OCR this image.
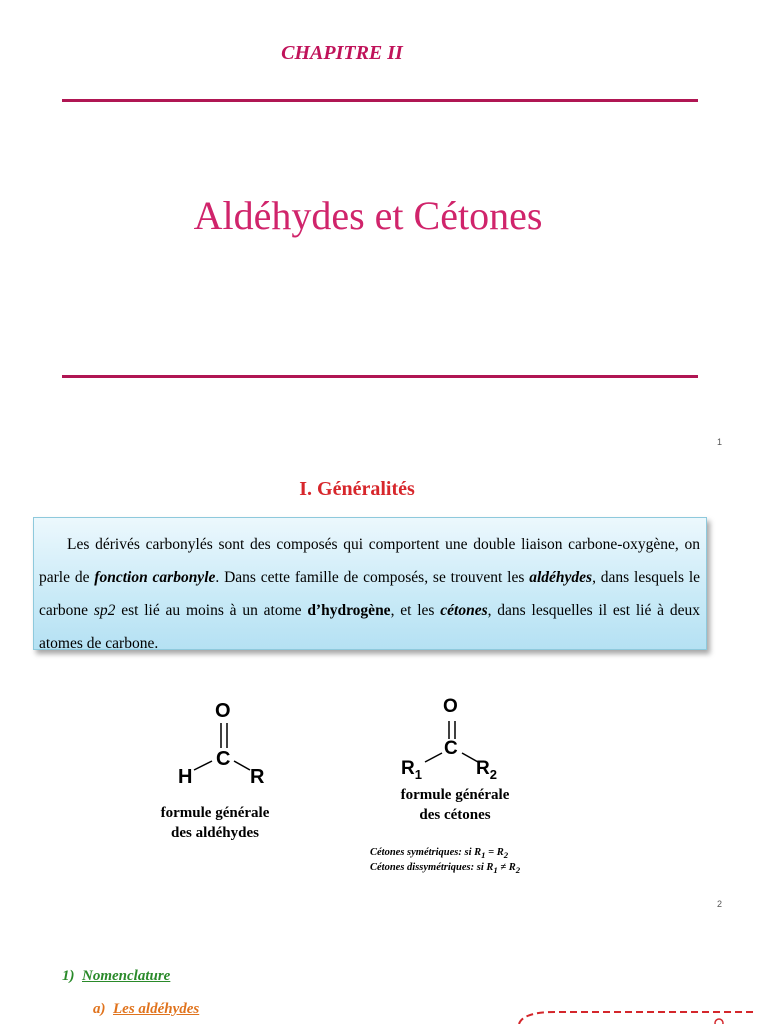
CHAPITRE II
Aldéhydes et Cétones
1
I. Généralités

Les dérivés carbonylés sont des composés qui comportent une double liaison carbone-oxygène, on parle de fonction carbonyle. Dans cette famille de composés, se trouvent les aldéhydes, dans lesquels le carbone sp2 est lié au moins à un atome d’hydrogène, et les cétones, dans lesquelles il est lié à deux atomes de carbone.

O
C
H	R
formule générale
des aldéhydes
O
C
$R_1$	$R_2$
formule générale
des cétones
Cétones symétriques: si $R_1 = R_2$
Cétones dissymétriques: si $R_1 \ne R_2$
2
1) Nomenclature
a) Les aldéhydes
